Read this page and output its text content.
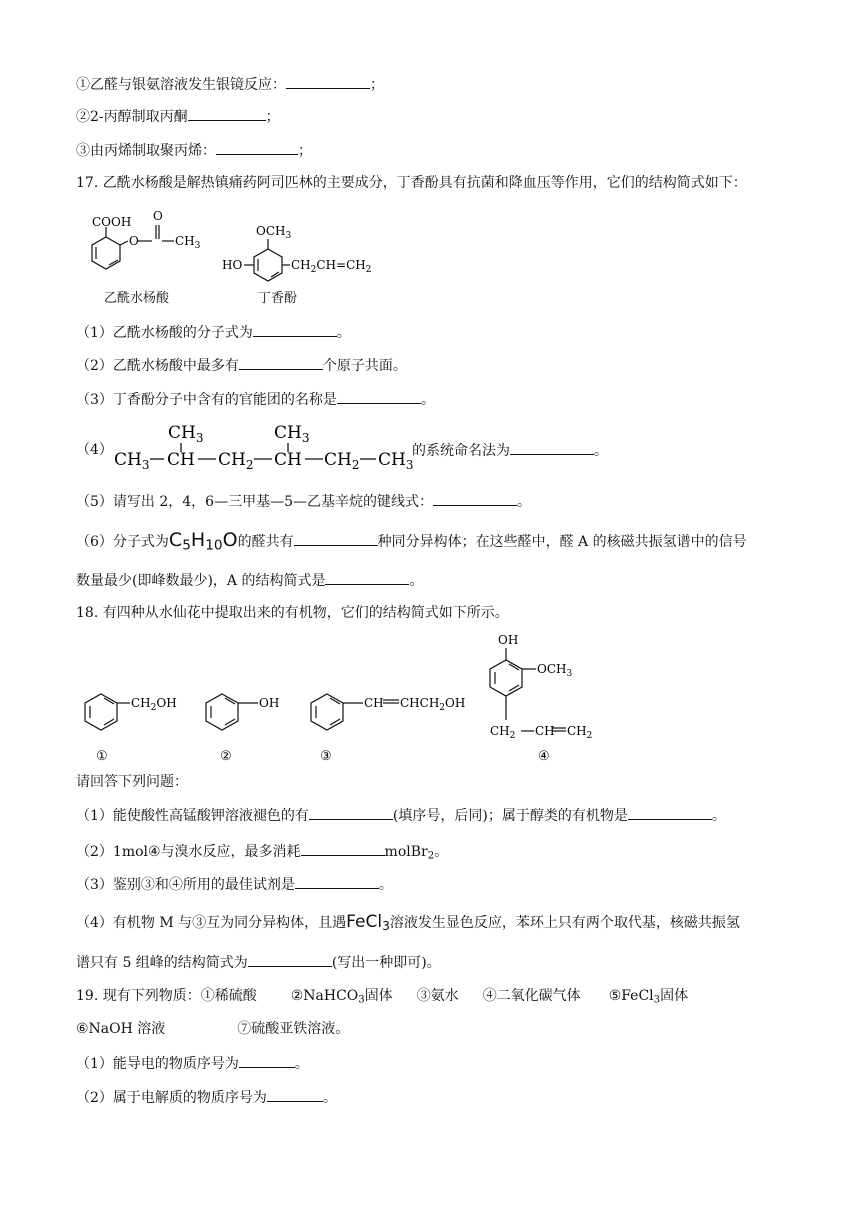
①乙醛与银氨溶液发生银镜反应：	；
②2-丙醇制取丙酮	；
③由丙烯制取聚丙烯：	；
17. 乙酰水杨酸是解热镇痛药阿司匹林的主要成分，丁香酚具有抗菌和降血压等作用，它们的结构简式如下：
COOH
O
O
$CH_3$
$OCH_3$
HO	$CH_2CH=CH_2$
乙酰水杨酸	丁香酚
（1）乙酰水杨酸的分子式为	。
（2）乙酰水杨酸中最多有	个原子共面。
（3）丁香酚分子中含有的官能团的名称是	。
（4）
$CH_3$	$CH_3$
$CH_3$ CH $CH_2$ CH $CH_2$ $CH_3$
的系统命名法为	。
（5）请写出 2，4，6—三甲基—5—乙基辛烷的键线式：	。
（6）分子式为$C_5H_{10}O$的醛共有	种同分异构体；在这些醛中，醛 A 的核磁共振氢谱中的信号
数量最少(即峰数最少)，A 的结构简式是	。
18. 有四种从水仙花中提取出来的有机物，它们的结构简式如下所示。
$CH_2OH$	OH	CH $CHCH_2OH$
OH
$OCH_3$
$CH_2$ CH $CH_2$
①	②	③	④
请回答下列问题：
（1）能使酸性高锰酸钾溶液褪色的有	(填序号，后同)；属于醇类的有机物是	。
（2）1mol④与溴水反应，最多消耗	molBr$_2$。
（3）鉴别③和④所用的最佳试剂是	。
（4）有机物 M 与③互为同分异构体，且遇FeCl$_3$溶液发生显色反应，苯环上只有两个取代基，核磁共振氢
谱只有 5 组峰的结构简式为	(写出一种即可)。
19. 现有下列物质：①稀硫酸 ②NaHCO$_3$固体 ③氨水 ④二氧化碳气体 ⑤FeCl$_3$固体
⑥NaOH 溶液	⑦硫酸亚铁溶液。
（1）能导电的物质序号为	。
（2）属于电解质的物质序号为	。
